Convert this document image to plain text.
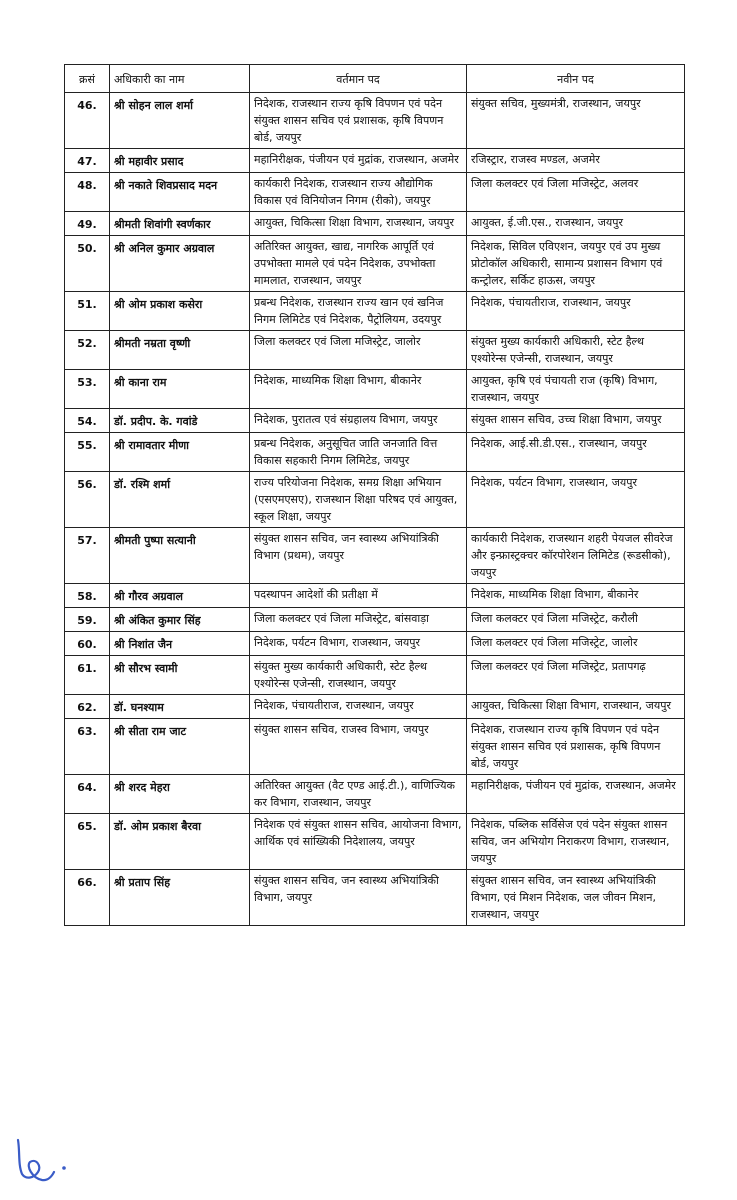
क्रसं	अधिकारी का नाम	वर्तमान पद	नवीन पद
46.	श्री सोहन लाल शर्मा	निदेशक, राजस्थान राज्य कृषि विपणन एवं पदेन संयुक्त शासन सचिव एवं प्रशासक, कृषि विपणन बोर्ड, जयपुर	संयुक्त सचिव, मुख्यमंत्री, राजस्थान, जयपुर
47.	श्री महावीर प्रसाद	महानिरीक्षक, पंजीयन एवं मुद्रांक, राजस्थान, अजमेर	रजिस्ट्रार, राजस्व मण्डल, अजमेर
48.	श्री नकाते शिवप्रसाद मदन	कार्यकारी निदेशक, राजस्थान राज्य औद्योगिक विकास एवं विनियोजन निगम (रीको), जयपुर	जिला कलक्टर एवं जिला मजिस्ट्रेट, अलवर
49.	श्रीमती शिवांगी स्वर्णकार	आयुक्त, चिकित्सा शिक्षा विभाग, राजस्थान, जयपुर	आयुक्त, ई.जी.एस., राजस्थान, जयपुर
50.	श्री अनिल कुमार अग्रवाल	अतिरिक्त आयुक्त, खाद्य, नागरिक आपूर्ति एवं उपभोक्ता मामले एवं पदेन निदेशक, उपभोक्ता मामलात, राजस्थान, जयपुर	निदेशक, सिविल एविएशन, जयपुर एवं उप मुख्य प्रोटोकॉल अधिकारी, सामान्य प्रशासन विभाग एवं कन्ट्रोलर, सर्किट हाऊस, जयपुर
51.	श्री ओम प्रकाश कसेरा	प्रबन्ध निदेशक, राजस्थान राज्य खान एवं खनिज निगम लिमिटेड एवं निदेशक, पैट्रोलियम, उदयपुर	निदेशक, पंचायतीराज, राजस्थान, जयपुर
52.	श्रीमती नम्रता वृष्णी	जिला कलक्टर एवं जिला मजिस्ट्रेट, जालोर	संयुक्त मुख्य कार्यकारी अधिकारी, स्टेट हैल्थ एश्योरेन्स एजेन्सी, राजस्थान, जयपुर
53.	श्री काना राम	निदेशक, माध्यमिक शिक्षा विभाग, बीकानेर	आयुक्त, कृषि एवं पंचायती राज (कृषि) विभाग, राजस्थान, जयपुर
54.	डॉ. प्रदीप. के. गवांडे	निदेशक, पुरातत्व एवं संग्रहालय विभाग, जयपुर	संयुक्त शासन सचिव, उच्च शिक्षा विभाग, जयपुर
55.	श्री रामावतार मीणा	प्रबन्ध निदेशक, अनुसूचित जाति जनजाति वित्त विकास सहकारी निगम लिमिटेड, जयपुर	निदेशक, आई.सी.डी.एस., राजस्थान, जयपुर
56.	डॉ. रश्मि शर्मा	राज्य परियोजना निदेशक, समग्र शिक्षा अभियान (एसएमएसए), राजस्थान शिक्षा परिषद एवं आयुक्त, स्कूल शिक्षा, जयपुर	निदेशक, पर्यटन विभाग, राजस्थान, जयपुर
57.	श्रीमती पुष्पा सत्यानी	संयुक्त शासन सचिव, जन स्वास्थ्य अभियांत्रिकी विभाग (प्रथम), जयपुर	कार्यकारी निदेशक, राजस्थान शहरी पेयजल सीवरेज और इन्फ्रास्ट्रक्चर कॉरपोरेशन लिमिटेड (रूडसीको), जयपुर
58.	श्री गौरव अग्रवाल	पदस्थापन आदेशों की प्रतीक्षा में	निदेशक, माध्यमिक शिक्षा विभाग, बीकानेर
59.	श्री अंकित कुमार सिंह	जिला कलक्टर एवं जिला मजिस्ट्रेट, बांसवाड़ा	जिला कलक्टर एवं जिला मजिस्ट्रेट, करौली
60.	श्री निशांत जैन	निदेशक, पर्यटन विभाग, राजस्थान, जयपुर	जिला कलक्टर एवं जिला मजिस्ट्रेट, जालोर
61.	श्री सौरभ स्वामी	संयुक्त मुख्य कार्यकारी अधिकारी, स्टेट हैल्थ एश्योरेन्स एजेन्सी, राजस्थान, जयपुर	जिला कलक्टर एवं जिला मजिस्ट्रेट, प्रतापगढ़
62.	डॉ. घनश्याम	निदेशक, पंचायतीराज, राजस्थान, जयपुर	आयुक्त, चिकित्सा शिक्षा विभाग, राजस्थान, जयपुर
63.	श्री सीता राम जाट	संयुक्त शासन सचिव, राजस्व विभाग, जयपुर	निदेशक, राजस्थान राज्य कृषि विपणन एवं पदेन संयुक्त शासन सचिव एवं प्रशासक, कृषि विपणन बोर्ड, जयपुर
64.	श्री शरद मेहरा	अतिरिक्त आयुक्त (वैट एण्ड आई.टी.), वाणिज्यिक कर विभाग, राजस्थान, जयपुर	महानिरीक्षक, पंजीयन एवं मुद्रांक, राजस्थान, अजमेर
65.	डॉ. ओम प्रकाश बैरवा	निदेशक एवं संयुक्त शासन सचिव, आयोजना विभाग, आर्थिक एवं सांख्यिकी निदेशालय, जयपुर	निदेशक, पब्लिक सर्विसेज एवं पदेन संयुक्त शासन सचिव, जन अभियोग निराकरण विभाग, राजस्थान, जयपुर
66.	श्री प्रताप सिंह	संयुक्त शासन सचिव, जन स्वास्थ्य अभियांत्रिकी विभाग, जयपुर	संयुक्त शासन सचिव, जन स्वास्थ्य अभियांत्रिकी विभाग, एवं मिशन निदेशक, जल जीवन मिशन, राजस्थान, जयपुर
